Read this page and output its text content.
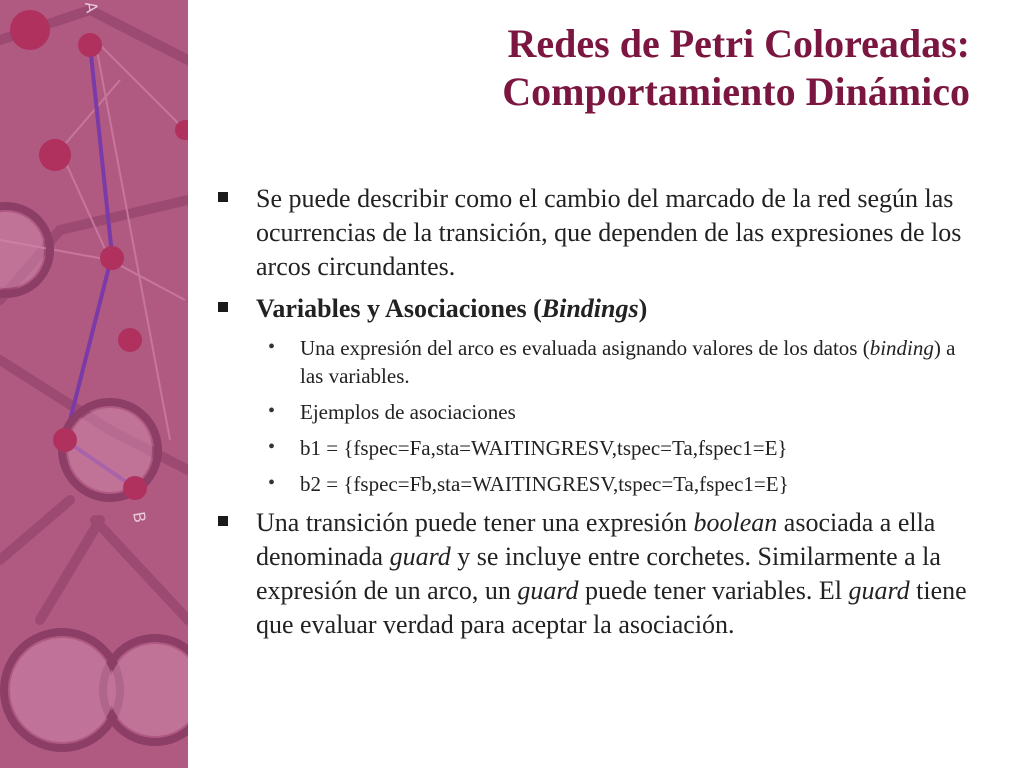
A
B
Redes de Petri Coloreadas:
Comportamiento Dinámico
Se puede describir como el cambio del marcado de la red según las ocurrencias de la transición, que dependen de las expresiones de los arcos circundantes.
Variables y Asociaciones (Bindings)
• Una expresión del arco es evaluada asignando valores de los datos (binding) a las variables.
• Ejemplos de asociaciones
• b1 = {fspec=Fa,sta=WAITINGRESV,tspec=Ta,fspec1=E}
• b2 = {fspec=Fb,sta=WAITINGRESV,tspec=Ta,fspec1=E}
Una transición puede tener una expresión boolean asociada a ella denominada guard y se incluye entre corchetes. Similarmente a la expresión de un arco, un guard puede tener variables. El guard tiene que evaluar verdad para aceptar la asociación.
